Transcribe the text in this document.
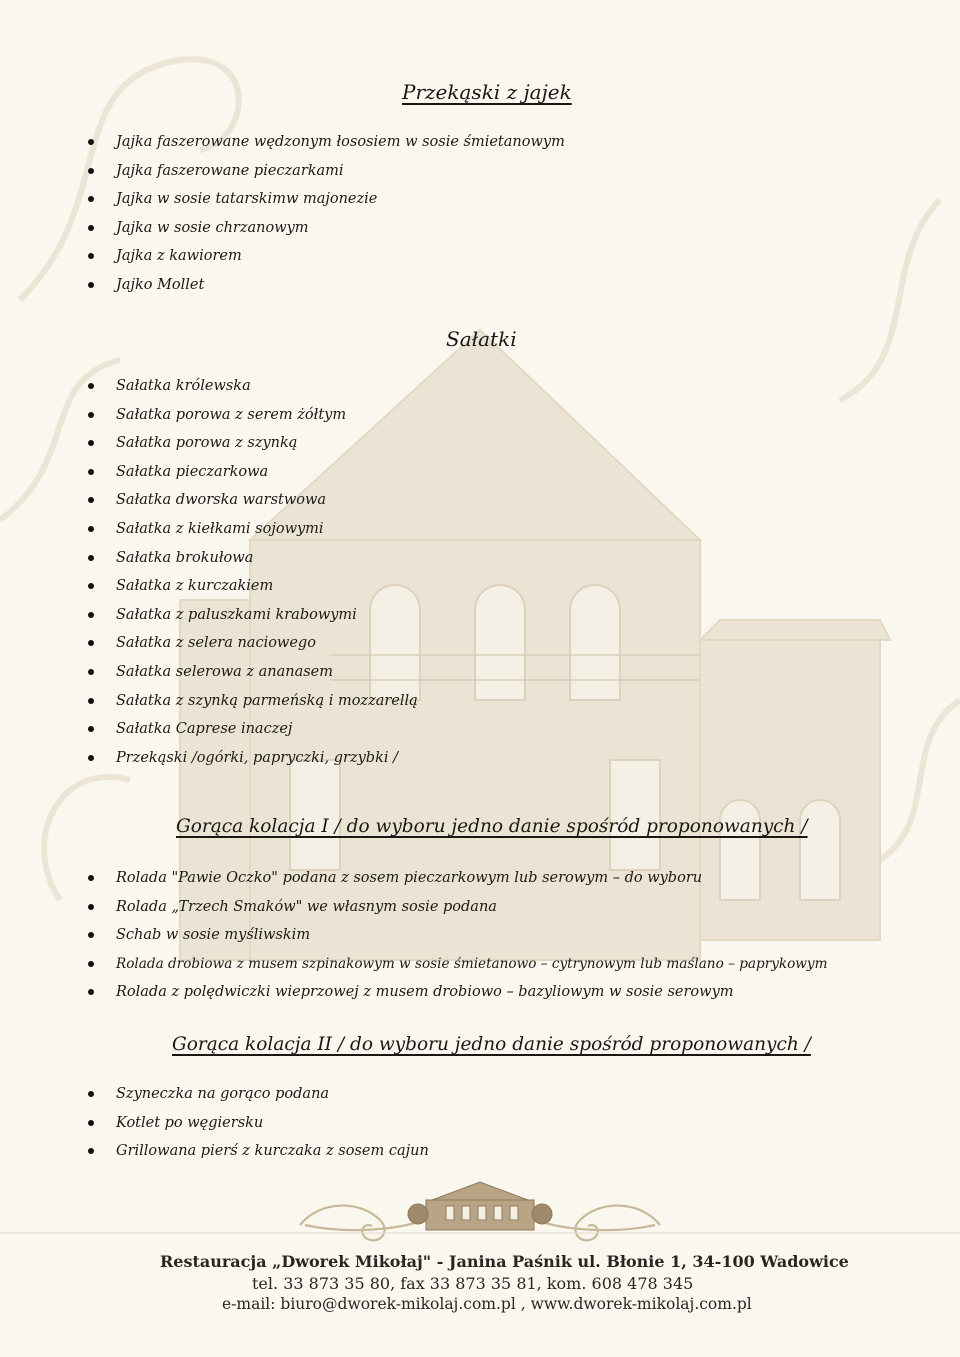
Przekąski z jajek
Jajka faszerowane wędzonym łososiem w sosie śmietanowym
Jajka faszerowane pieczarkami
Jajka w sosie tatarskimw majonezie
Jajka w sosie chrzanowym
Jajka z kawiorem
Jajko Mollet
Sałatki
Sałatka królewska
Sałatka porowa z serem żółtym
Sałatka porowa z szynką
Sałatka pieczarkowa
Sałatka dworska warstwowa
Sałatka z kiełkami sojowymi
Sałatka brokułowa
Sałatka z kurczakiem
Sałatka z paluszkami krabowymi
Sałatka z selera naciowego
Sałatka selerowa z ananasem
Sałatka z szynką parmeńską i mozzarellą
Sałatka Caprese inaczej
Przekąski /ogórki, papryczki, grzybki /
Gorąca kolacja I / do wyboru jedno danie spośród proponowanych /
Rolada "Pawie Oczko" podana z sosem pieczarkowym lub serowym – do wyboru
Rolada „Trzech Smaków" we własnym sosie podana
Schab w sosie myśliwskim
Rolada drobiowa z musem szpinakowym w sosie śmietanowo – cytrynowym lub maślano – paprykowym
Rolada z polędwiczki wieprzowej z musem drobiowo – bazyliowym w sosie serowym
Gorąca kolacja II / do wyboru jedno danie spośród proponowanych /
Szyneczka na gorąco podana
Kotlet po węgiersku
Grillowana pierś z kurczaka z sosem cajun
Restauracja „Dworek Mikołaj" - Janina Paśnik ul. Błonie 1, 34-100 Wadowice
tel. 33 873 35 80, fax 33 873 35 81, kom. 608 478 345
e-mail: biuro@dworek-mikolaj.com.pl , www.dworek-mikolaj.com.pl
